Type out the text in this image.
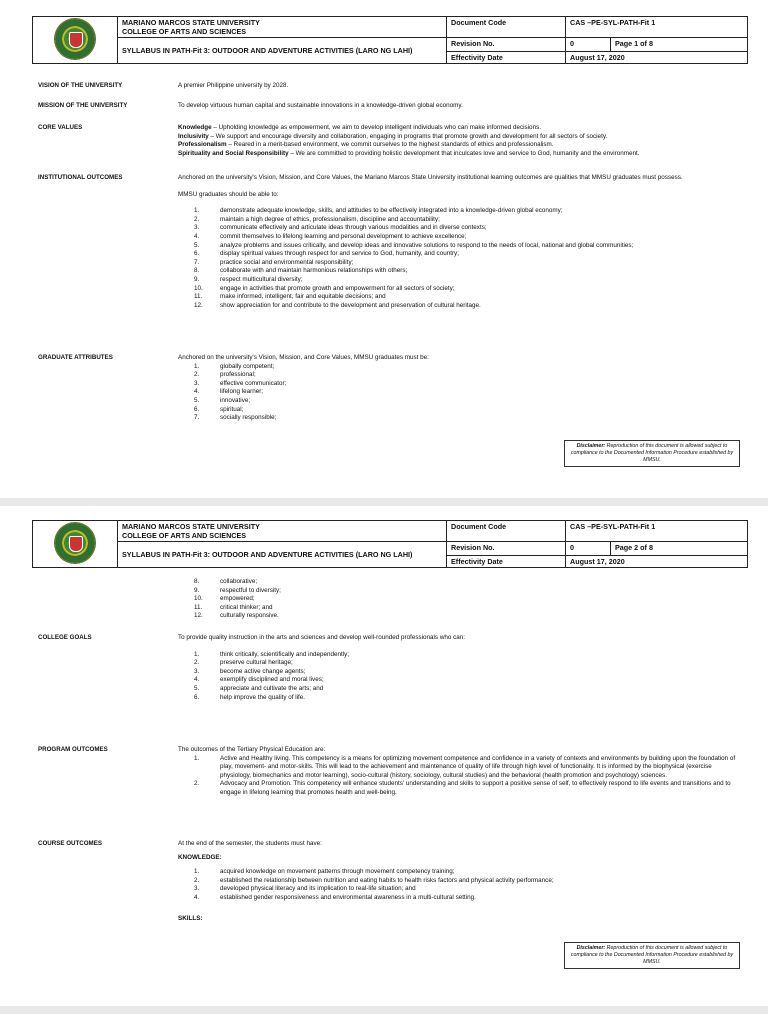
	MARIANO MARCOS STATE UNIVERSITY
COLLEGE OF ARTS AND SCIENCES	Document Code	CAS –PE-SYL-PATH-Fit 1	

	SYLLABUS IN PATH-Fit 3: OUTDOOR AND ADVENTURE ACTIVITIES (LARO NG LAHI)	Revision No.	0	Page 1 of 8
		Effectivity Date	August 17, 2020	
VISION OF THE UNIVERSITY	A premier Philippine university by 2028.
MISSION OF THE UNIVERSITY	To develop virtuous human capital and sustainable innovations in a knowledge-driven global economy.
CORE VALUES	Knowledge – Upholding knowledge as empowerment, we aim to develop intelligent individuals who can make informed decisions.
Inclusivity – We support and encourage diversity and collaboration, engaging in programs that promote growth and development for all sectors of society.
Professionalism – Reared in a merit-based environment, we commit ourselves to the highest standards of ethics and professionalism.
Spirituality and Social Responsibility – We are committed to providing holistic development that inculcates love and service to God, humanity and the environment.
INSTITUTIONAL OUTCOMES	Anchored on the university's Vision, Mission, and Core Values, the Mariano Marcos State University institutional learning outcomes are qualities that MMSU graduates must possess.
MMSU graduates should be able to:
1.	demonstrate adequate knowledge, skills, and attitudes to be effectively integrated into a knowledge-driven global economy;
2.	maintain a high degree of ethics, professionalism, discipline and accountability;
3.	communicate effectively and articulate ideas through various modalities and in diverse contexts;
4.	commit themselves to lifelong learning and personal development to achieve excellence;
5.	analyze problems and issues critically, and develop ideas and innovative solutions to respond to the needs of local, national and global communities;
6.	display spiritual values through respect for and service to God, humanity, and country;
7.	practice social and environmental responsibility;
8.	collaborate with and maintain harmonious relationships with others;
9.	respect multicultural diversity;
10.	engage in activities that promote growth and empowerment for all sectors of society;
11.	make informed, intelligent, fair and equitable decisions; and
12.	show appreciation for and contribute to the development and preservation of cultural heritage.
GRADUATE ATTRIBUTES	Anchored on the university's Vision, Mission, and Core Values, MMSU graduates must be:
1.	globally competent;
2.	professional;
3.	effective communicator;
4.	lifelong learner;
5.	innovative;
6.	spiritual;
7.	socially responsible;
Disclaimer: Reproduction of this document is allowed subject to compliance to the Documented Information Procedure established by MMSU.

	MARIANO MARCOS STATE UNIVERSITY
COLLEGE OF ARTS AND SCIENCES	Document Code	CAS –PE-SYL-PATH-Fit 1	

	SYLLABUS IN PATH-Fit 3: OUTDOOR AND ADVENTURE ACTIVITIES (LARO NG LAHI)	Revision No.	0	Page 2 of 8
		Effectivity Date	August 17, 2020	
8.	collaborative;
9.	respectful to diversity;
10.	empowered;
11.	critical thinker; and
12.	culturally responsive.
COLLEGE GOALS	To provide quality instruction in the arts and sciences and develop well-rounded professionals who can:
1.	think critically, scientifically and independently;
2.	preserve cultural heritage;
3.	become active change agents;
4.	exemplify disciplined and moral lives;
5.	appreciate and cultivate the arts; and
6.	help improve the quality of life.
PROGRAM OUTCOMES	The outcomes of the Tertiary Physical Education are:
1.	Active and Healthy living. This competency is a means for optimizing movement competence and confidence in a variety of contexts and environments by building upon the foundation of play, movement- and motor-skills. This will lead to the achievement and maintenance of quality of life through high level of functionality. It is informed by the biophysical (exercise physiology, biomechanics and motor learning), socio-cultural (history, sociology, cultural studies) and the behavioral (health promotion and psychology) sciences.
2.	Advocacy and Promotion. This competency will enhance students' understanding and skills to support a positive sense of self, to effectively respond to life events and transitions and to engage in lifelong learning that promotes health and well-being.
COURSE OUTCOMES	At the end of the semester, the students must have:
KNOWLEDGE:
1.	acquired knowledge on movement patterns through movement competency training;
2.	established the relationship between nutrition and eating habits to health risks factors and physical activity performance;
3.	developed physical literacy and its implication to real-life situation; and
4.	established gender responsiveness and environmental awareness in a multi-cultural setting.
SKILLS:
Disclaimer: Reproduction of this document is allowed subject to compliance to the Documented Information Procedure established by MMSU.
